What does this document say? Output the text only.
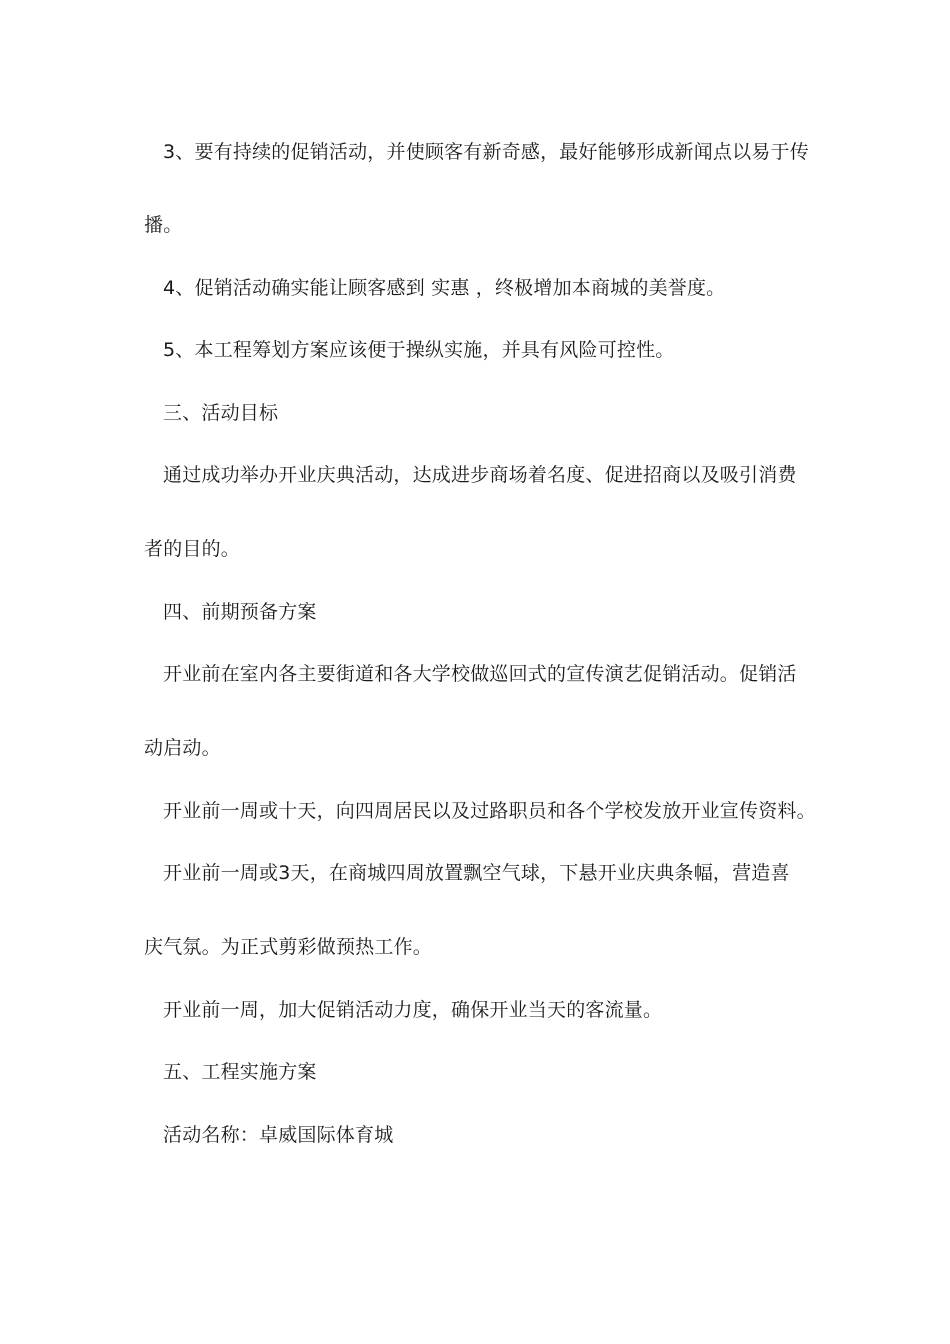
3、要有持续的促销活动，并使顾客有新奇感，最好能够形成新闻点以易于传
播。
4、促销活动确实能让顾客感到 实惠 ，终极增加本商城的美誉度。
5、本工程筹划方案应该便于操纵实施，并具有风险可控性。
三、活动目标
通过成功举办开业庆典活动，达成进步商场着名度、促进招商以及吸引消费
者的目的。
四、前期预备方案
开业前在室内各主要街道和各大学校做巡回式的宣传演艺促销活动。促销活
动启动。
开业前一周或十天，向四周居民以及过路职员和各个学校发放开业宣传资料。
开业前一周或3天，在商城四周放置飘空气球，下悬开业庆典条幅，营造喜
庆气氛。为正式剪彩做预热工作。
开业前一周，加大促销活动力度，确保开业当天的客流量。
五、工程实施方案
活动名称：卓威国际体育城
